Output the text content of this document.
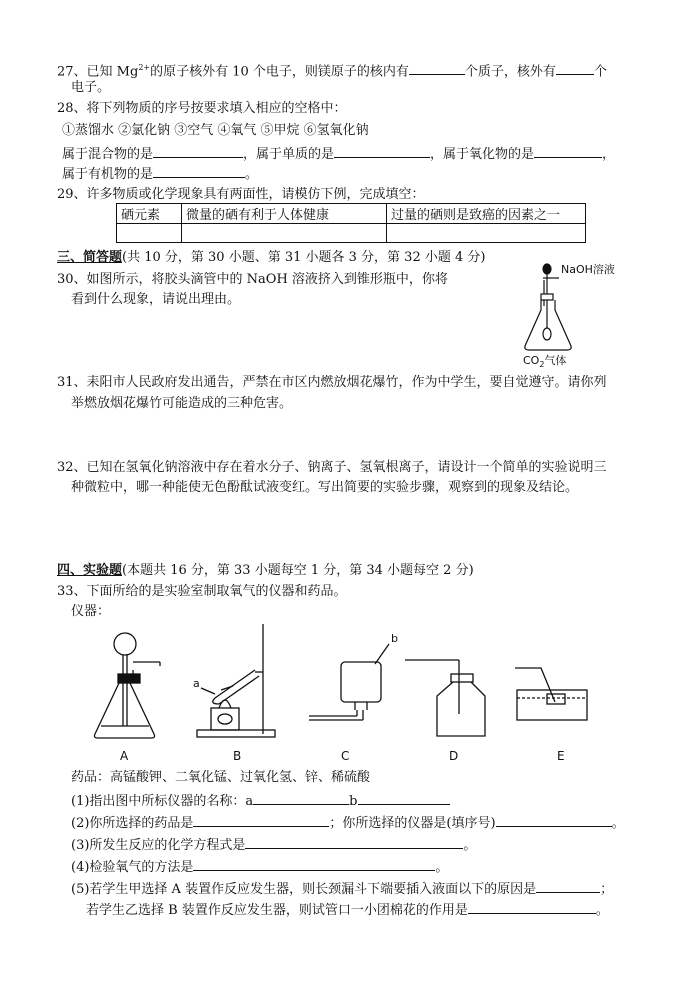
27、已知 $Mg^{2+}$的原子核外有 10 个电子，则镁原子的核内有	个质子，核外有	个
电子。
28、将下列物质的序号按要求填入相应的空格中：
①蒸馏水 ②氯化钠 ③空气 ④氧气 ⑤甲烷 ⑥氢氧化钠
属于混合物的是	，属于单质的是	，属于氧化物的是	，
属于有机物的是	。
29、许多物质或化学现象具有两面性，请模仿下例，完成填空：
硒元素	微量的硒有利于人体健康	过量的硒则是致癌的因素之一

三、简答题(共 10 分，第 30 小题、第 31 小题各 3 分，第 32 小题 4 分)
30、如图所示，将胶头滴管中的 NaOH 溶液挤入到锥形瓶中，你将
看到什么现象，请说出理由。
NaOH溶液
$CO_2$气体
31、耒阳市人民政府发出通告，严禁在市区内燃放烟花爆竹，作为中学生，要自觉遵守。请你列
举燃放烟花爆竹可能造成的三种危害。
32、已知在氢氧化钠溶液中存在着水分子、钠离子、氢氧根离子，请设计一个简单的实验说明三
种微粒中，哪一种能使无色酚酞试液变红。写出简要的实验步骤，观察到的现象及结论。
四、实验题(本题共 16 分，第 33 小题每空 1 分，第 34 小题每空 2 分)
33、下面所给的是实验室制取氧气的仪器和药品。
仪器：
a
b
A	B	C	D	E
药品：高锰酸钾、二氧化锰、过氧化氢、锌、稀硫酸
(1)指出图中所标仪器的名称：a	b
(2)你所选择的药品是	；你所选择的仪器是(填序号)	。
(3)所发生反应的化学方程式是	。
(4)检验氧气的方法是	。
(5)若学生甲选择 A 装置作反应发生器，则长颈漏斗下端要插入液面以下的原因是	；
若学生乙选择 B 装置作反应发生器，则试管口一小团棉花的作用是	。
